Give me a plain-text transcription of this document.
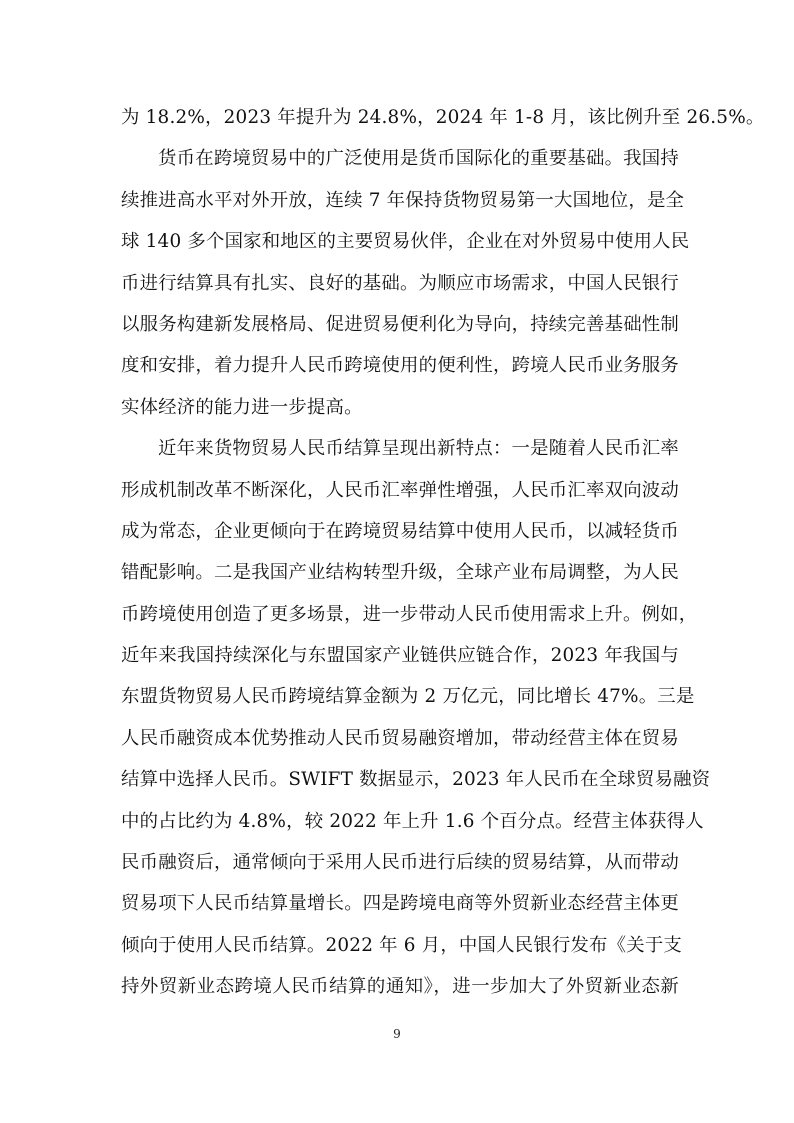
为 18.2%，2023 年提升为 24.8%，2024 年 1-8 月，该比例升至 26.5%。
货币在跨境贸易中的广泛使用是货币国际化的重要基础。我国持
续推进高水平对外开放，连续 7 年保持货物贸易第一大国地位，是全
球 140 多个国家和地区的主要贸易伙伴，企业在对外贸易中使用人民
币进行结算具有扎实、良好的基础。为顺应市场需求，中国人民银行
以服务构建新发展格局、促进贸易便利化为导向，持续完善基础性制
度和安排，着力提升人民币跨境使用的便利性，跨境人民币业务服务
实体经济的能力进一步提高。
近年来货物贸易人民币结算呈现出新特点：一是随着人民币汇率
形成机制改革不断深化，人民币汇率弹性增强，人民币汇率双向波动
成为常态，企业更倾向于在跨境贸易结算中使用人民币，以减轻货币
错配影响。二是我国产业结构转型升级，全球产业布局调整，为人民
币跨境使用创造了更多场景，进一步带动人民币使用需求上升。例如，
近年来我国持续深化与东盟国家产业链供应链合作，2023 年我国与
东盟货物贸易人民币跨境结算金额为 2 万亿元，同比增长 47%。三是
人民币融资成本优势推动人民币贸易融资增加，带动经营主体在贸易
结算中选择人民币。SWIFT 数据显示，2023 年人民币在全球贸易融资
中的占比约为 4.8%，较 2022 年上升 1.6 个百分点。经营主体获得人
民币融资后，通常倾向于采用人民币进行后续的贸易结算，从而带动
贸易项下人民币结算量增长。四是跨境电商等外贸新业态经营主体更
倾向于使用人民币结算。2022 年 6 月，中国人民银行发布《关于支
持外贸新业态跨境人民币结算的通知》，进一步加大了外贸新业态新
9
